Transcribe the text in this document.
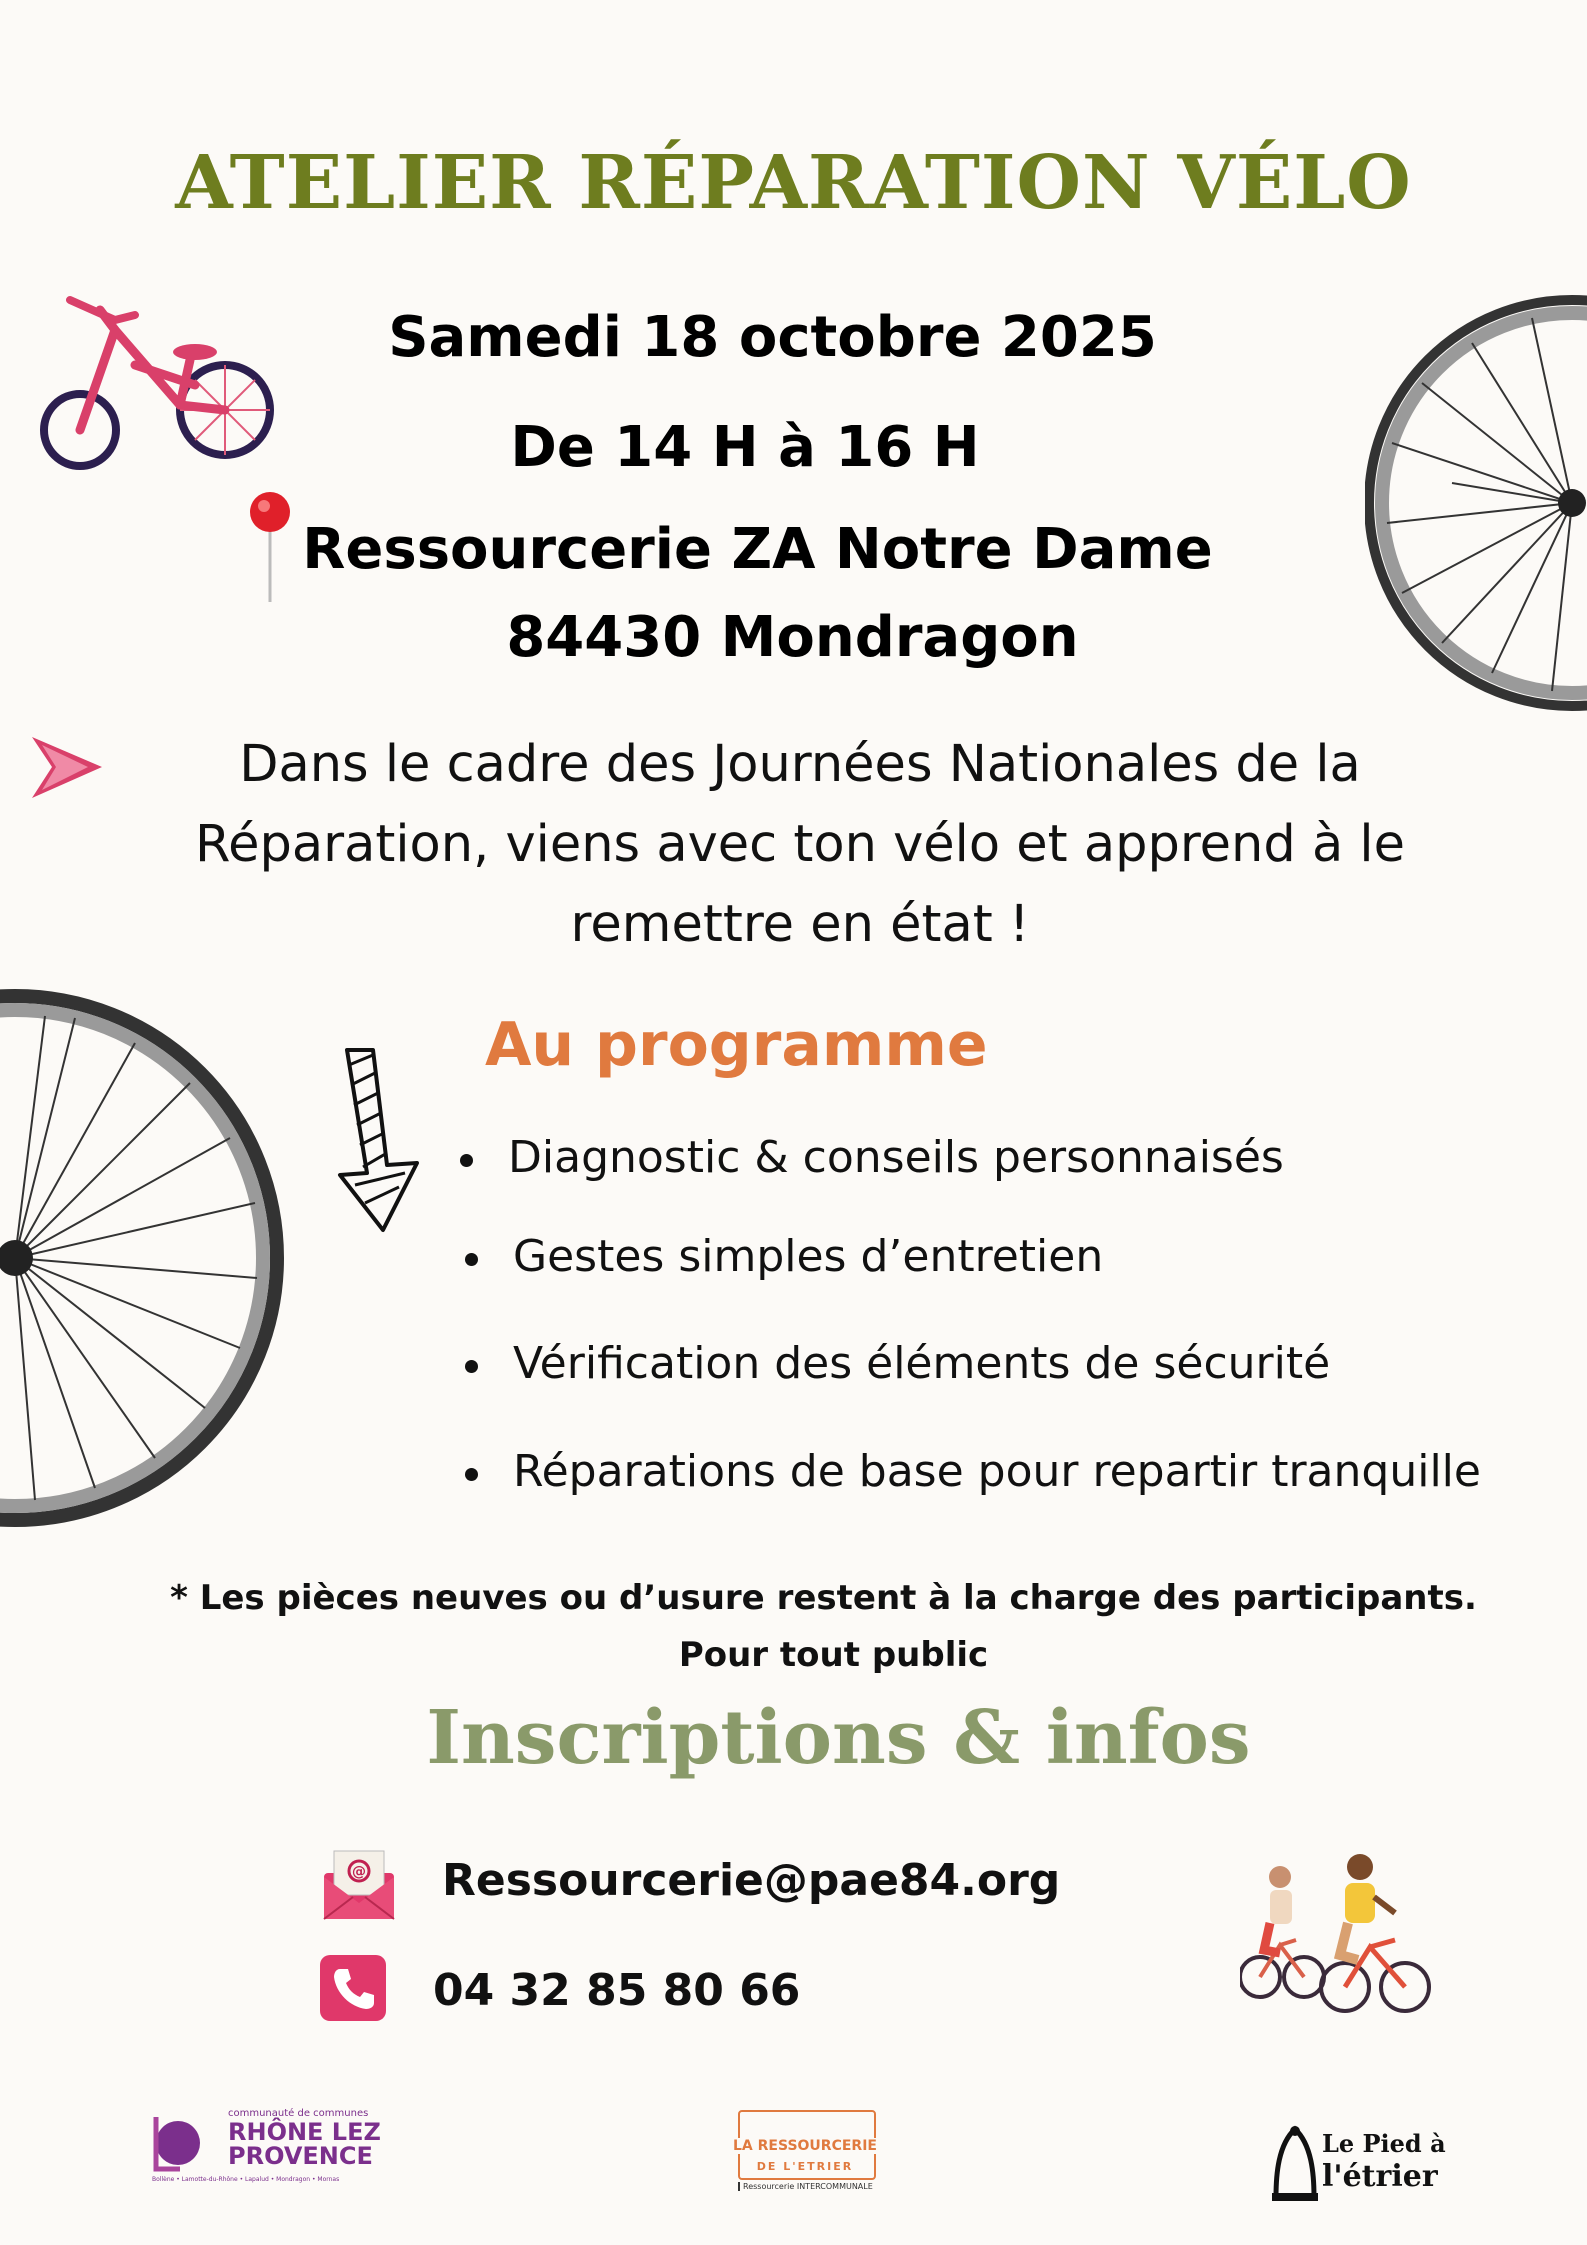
ATELIER RÉPARATION VÉLO
Samedi 18 octobre 2025
De 14 H à 16 H
Ressourcerie ZA Notre Dame
84430 Mondragon
Dans le cadre des Journées Nationales de la
Réparation, viens avec ton vélo et apprend à le
remettre en état !
Au programme
Diagnostic & conseils personnaisés
Gestes simples d’entretien
Vérification des éléments de sécurité
Réparations de base pour repartir tranquille
* Les pièces neuves ou d’usure restent à la charge des participants.
Pour tout public
Inscriptions & infos
@ Ressourcerie@pae84.org
04 32 85 80 66
communauté de communes
RHÔNE LEZ
PROVENCE
Bollène • Lamotte-du-Rhône • Lapalud • Mondragon • Mornas
LA RESSOURCERIE
DE L'ETRIER
Ressourcerie INTERCOMMUNALE
Le Pied à
l'étrier
